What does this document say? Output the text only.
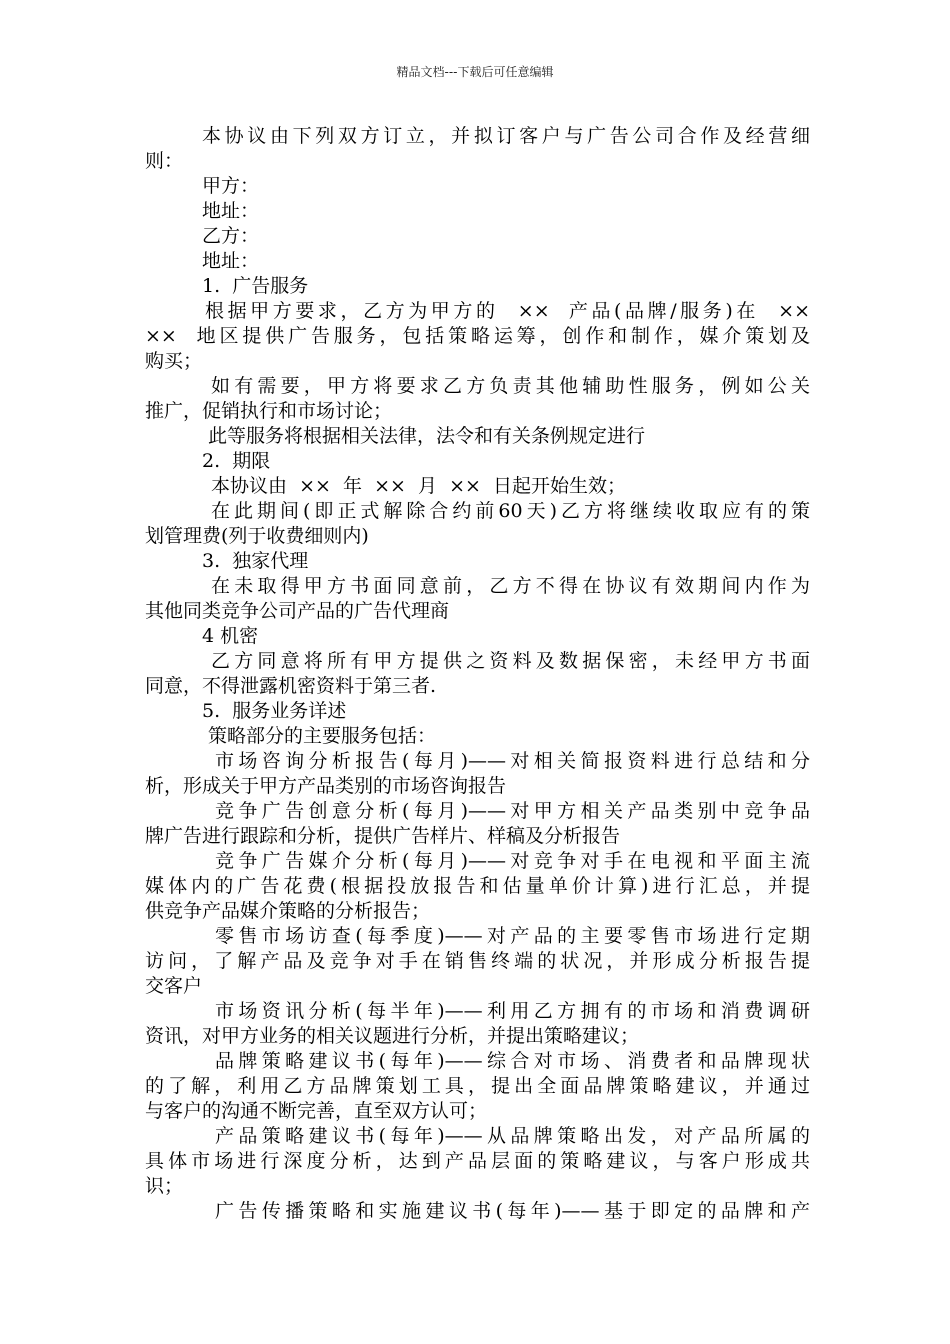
精品文档---下载后可任意编辑
本协议由下列双方订立，并拟订客户与广告公司合作及经营细
则：
甲方：
地址：
乙方：
地址：
1.  广告服务
根据甲方要求，乙方为甲方的  ××  产品(品牌/服务)在  ××
××  地区提供广告服务，包括策略运筹，创作和制作，媒介策划及
购买；
如有需要，甲方将要求乙方负责其他辅助性服务，例如公关
推广，促销执行和市场讨论；
此等服务将根据相关法律，法令和有关条例规定进行
2.  期限
本协议由  ××  年  ××  月  ××  日起开始生效；
在此期间(即正式解除合约前60天)乙方将继续收取应有的策
划管理费(列于收费细则内)
3.  独家代理
在未取得甲方书面同意前，乙方不得在协议有效期间内作为
其他同类竞争公司产品的广告代理商
4 机密
乙方同意将所有甲方提供之资料及数据保密，未经甲方书面
同意，不得泄露机密资料于第三者.
5.  服务业务详述
策略部分的主要服务包括：
市场咨询分析报告(每月)——对相关简报资料进行总结和分
析，形成关于甲方产品类别的市场咨询报告
竞争广告创意分析(每月)——对甲方相关产品类别中竞争品
牌广告进行跟踪和分析，提供广告样片、样稿及分析报告
竞争广告媒介分析(每月)——对竞争对手在电视和平面主流
媒体内的广告花费(根据投放报告和估量单价计算)进行汇总，并提
供竞争产品媒介策略的分析报告；
零售市场访查(每季度)——对产品的主要零售市场进行定期
访问，了解产品及竞争对手在销售终端的状况，并形成分析报告提
交客户
市场资讯分析(每半年)——利用乙方拥有的市场和消费调研
资讯，对甲方业务的相关议题进行分析，并提出策略建议；
品牌策略建议书(每年)——综合对市场、消费者和品牌现状
的了解，利用乙方品牌策划工具，提出全面品牌策略建议，并通过
与客户的沟通不断完善，直至双方认可；
产品策略建议书(每年)——从品牌策略出发，对产品所属的
具体市场进行深度分析，达到产品层面的策略建议，与客户形成共
识；
广告传播策略和实施建议书(每年)——基于即定的品牌和产
